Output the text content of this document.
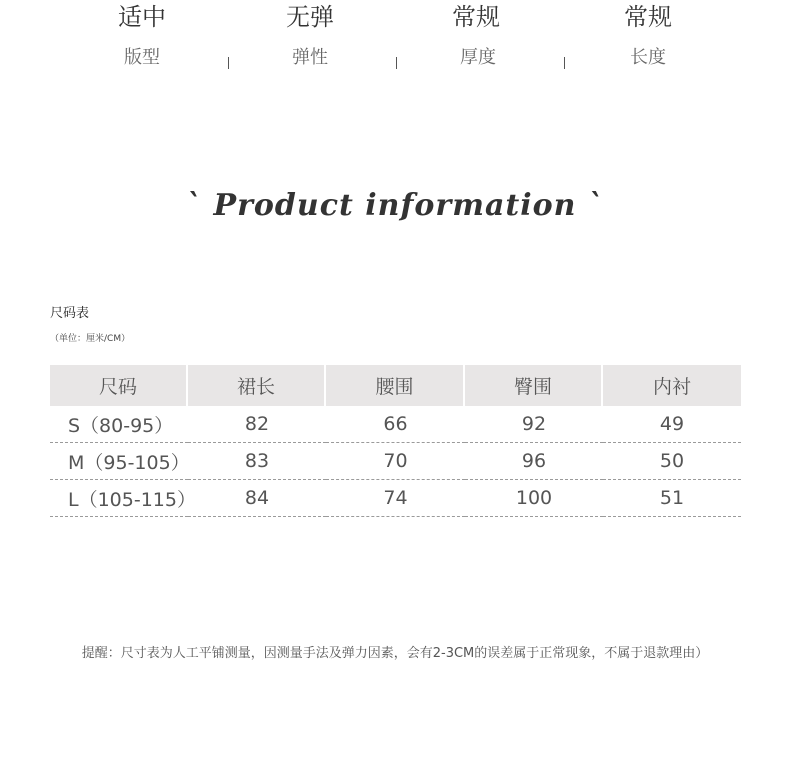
适中
版型
无弹
弹性
常规
厚度
常规
长度
` Product information `
尺码表
（单位：厘米/CM）
尺码	裙长	腰围	臀围	内衬
S（80-95）	82	66	92	49
M（95-105）	83	70	96	50
L（105-115）	84	74	100	51
提醒：尺寸表为人工平铺测量，因测量手法及弹力因素，会有2-3CM的误差属于正常现象，不属于退款理由）
